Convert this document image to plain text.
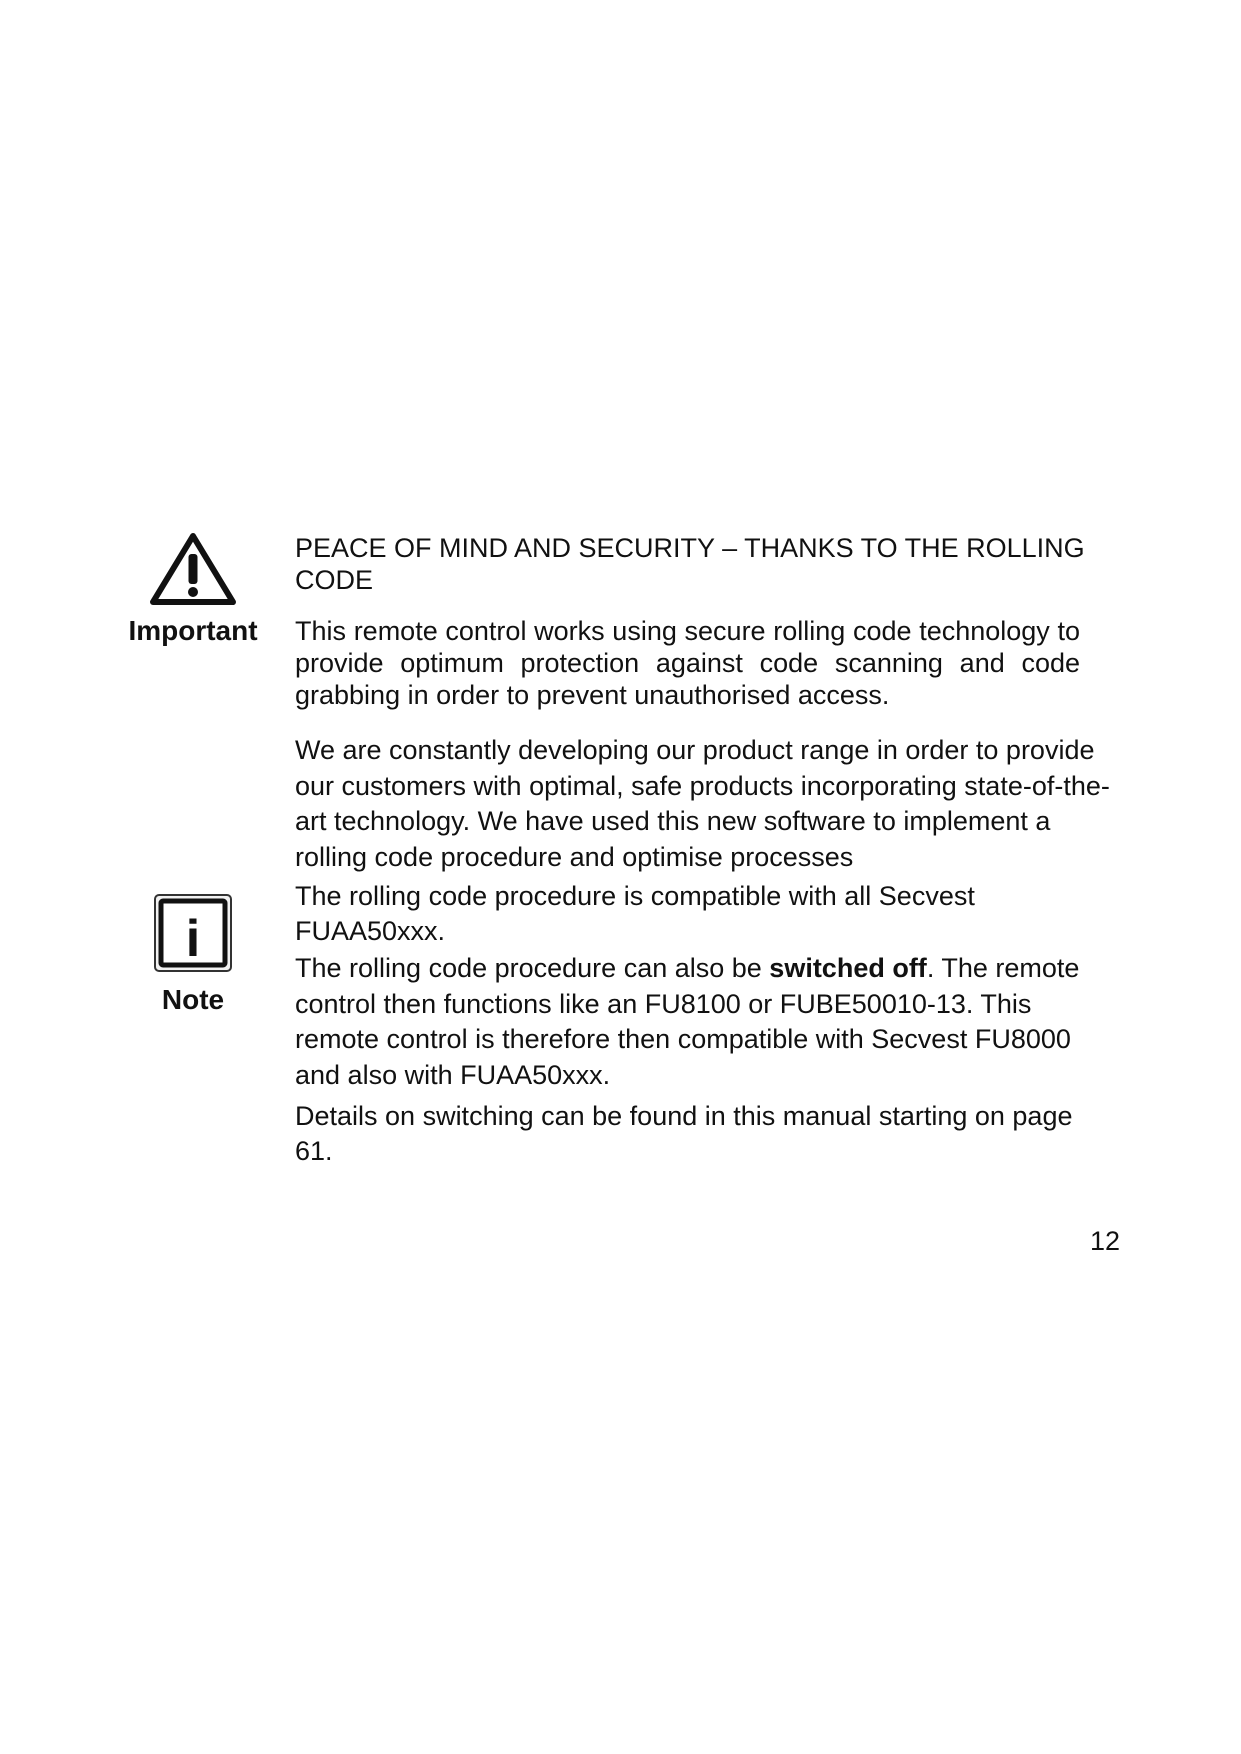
Important
i
Note
PEACE OF MIND AND SECURITY – THANKS TO THE ROLLING CODE

This remote control works using secure rolling code technology to provide optimum protection against code scanning and code grabbing in order to prevent unauthorised access.

We are constantly developing our product range in order to provide our customers with optimal, safe products incorporating state-of-the-art technology. We have used this new software to implement a rolling code procedure and optimise processes

The rolling code procedure is compatible with all Secvest FUAA50xxx.

The rolling code procedure can also be switched off. The remote control then functions like an FU8100 or FUBE50010-13. This remote control is therefore then compatible with Secvest FU8000 and also with FUAA50xxx.

Details on switching can be found in this manual starting on page 61.

12
